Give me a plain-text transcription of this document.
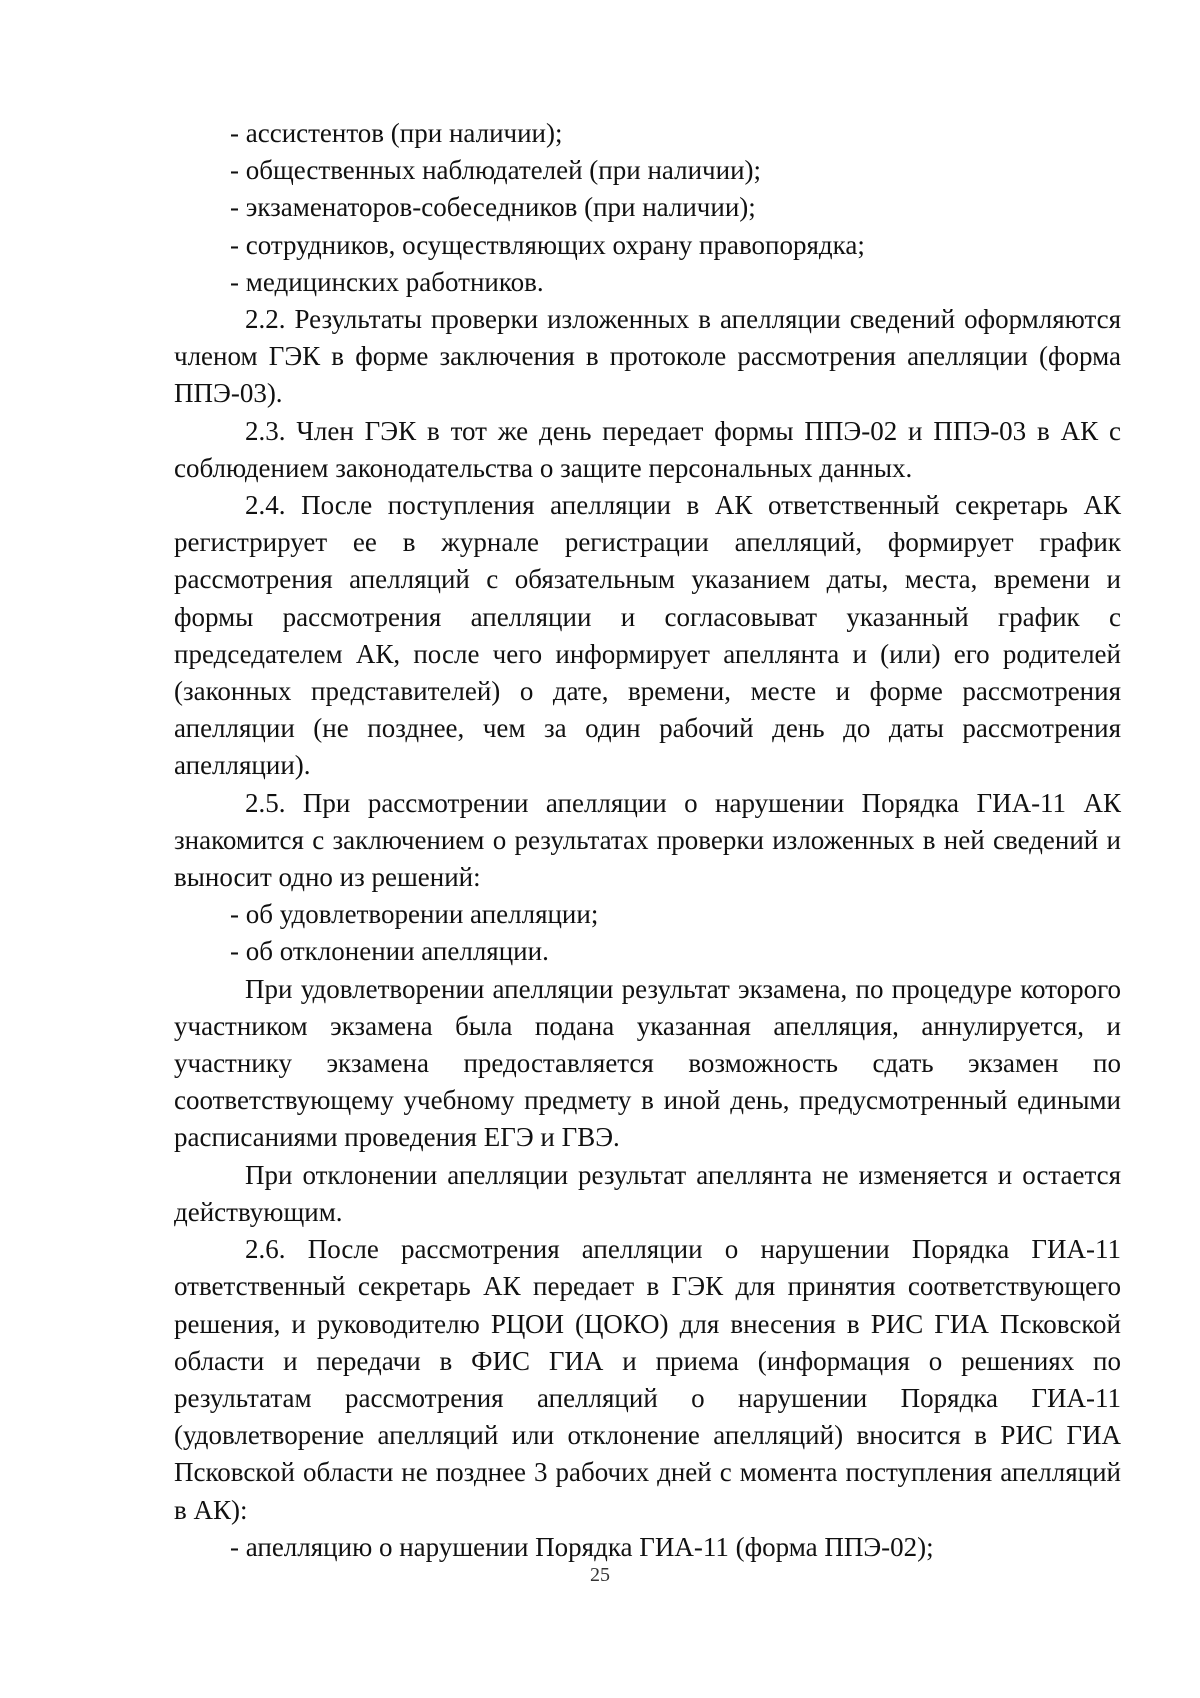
- ассистентов (при наличии);
- общественных наблюдателей (при наличии);
- экзаменаторов-собеседников (при наличии);
- сотрудников, осуществляющих охрану правопорядка;
- медицинских работников.

2.2. Результаты проверки изложенных в апелляции сведений оформляются членом ГЭК в форме заключения в протоколе рассмотрения апелляции (форма ППЭ-03).

2.3. Член ГЭК в тот же день передает формы ППЭ-02 и ППЭ-03 в АК с соблюдением законодательства о защите персональных данных.

2.4. После поступления апелляции в АК ответственный секретарь АК регистрирует ее в журнале регистрации апелляций, формирует график рассмотрения апелляций с обязательным указанием даты, места, времени и формы рассмотрения апелляции и согласовыват указанный график с председателем АК, после чего информирует апеллянта и (или) его родителей (законных представителей) о дате, времени, месте и форме рассмотрения апелляции (не позднее, чем за один рабочий день до даты рассмотрения апелляции).

2.5. При рассмотрении апелляции о нарушении Порядка ГИА-11 АК знакомится с заключением о результатах проверки изложенных в ней сведений и выносит одно из решений:

- об удовлетворении апелляции;
- об отклонении апелляции.

При удовлетворении апелляции результат экзамена, по процедуре которого участником экзамена была подана указанная апелляция, аннулируется, и участнику экзамена предоставляется возможность сдать экзамен по соответствующему учебному предмету в иной день, предусмотренный едиными расписаниями проведения ЕГЭ и ГВЭ.

При отклонении апелляции результат апеллянта не изменяется и остается действующим.

2.6. После рассмотрения апелляции о нарушении Порядка ГИА-11 ответственный секретарь АК передает в ГЭК для принятия соответствующего решения, и руководителю РЦОИ (ЦОКО) для внесения в РИС ГИА Псковской области и передачи в ФИС ГИА и приема (информация о решениях по результатам рассмотрения апелляций о нарушении Порядка ГИА-11 (удовлетворение апелляций или отклонение апелляций) вносится в РИС ГИА Псковской области не позднее 3 рабочих дней с момента поступления апелляций в АК):

- апелляцию о нарушении Порядка ГИА-11 (форма ППЭ-02);
25
